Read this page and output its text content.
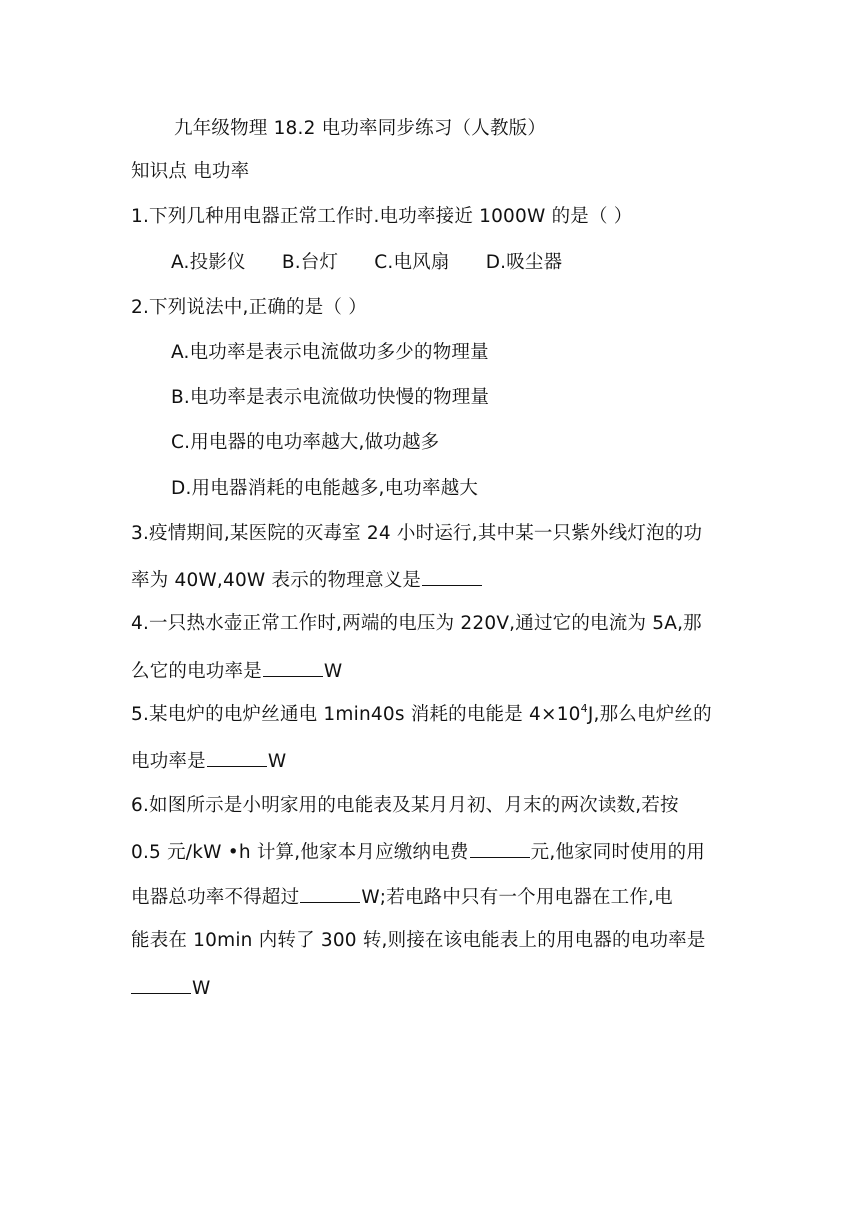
九年级物理 18.2 电功率同步练习（人教版）
知识点 电功率
1.下列几种用电器正常工作时.电功率接近 1000W 的是（ ）
A.投影仪 B.台灯 C.电风扇 D.吸尘器
2.下列说法中,正确的是（ ）
A.电功率是表示电流做功多少的物理量
B.电功率是表示电流做功快慢的物理量
C.用电器的电功率越大,做功越多
D.用电器消耗的电能越多,电功率越大
3.疫情期间,某医院的灭毒室 24 小时运行,其中某一只紫外线灯泡的功
率为 40W,40W 表示的物理意义是
4.一只热水壶正常工作时,两端的电压为 220V,通过它的电流为 5A,那
么它的电功率是	W
5.某电炉的电炉丝通电 1min40s 消耗的电能是 $4\times 10^4J$,那么电炉丝的
电功率是	W
6.如图所示是小明家用的电能表及某月月初、月末的两次读数,若按
0.5 元/kW •h 计算,他家本月应缴纳电费	元,他家同时使用的用
电器总功率不得超过	W;若电路中只有一个用电器在工作,电
能表在 10min 内转了 300 转,则接在该电能表上的用电器的电功率是
W
